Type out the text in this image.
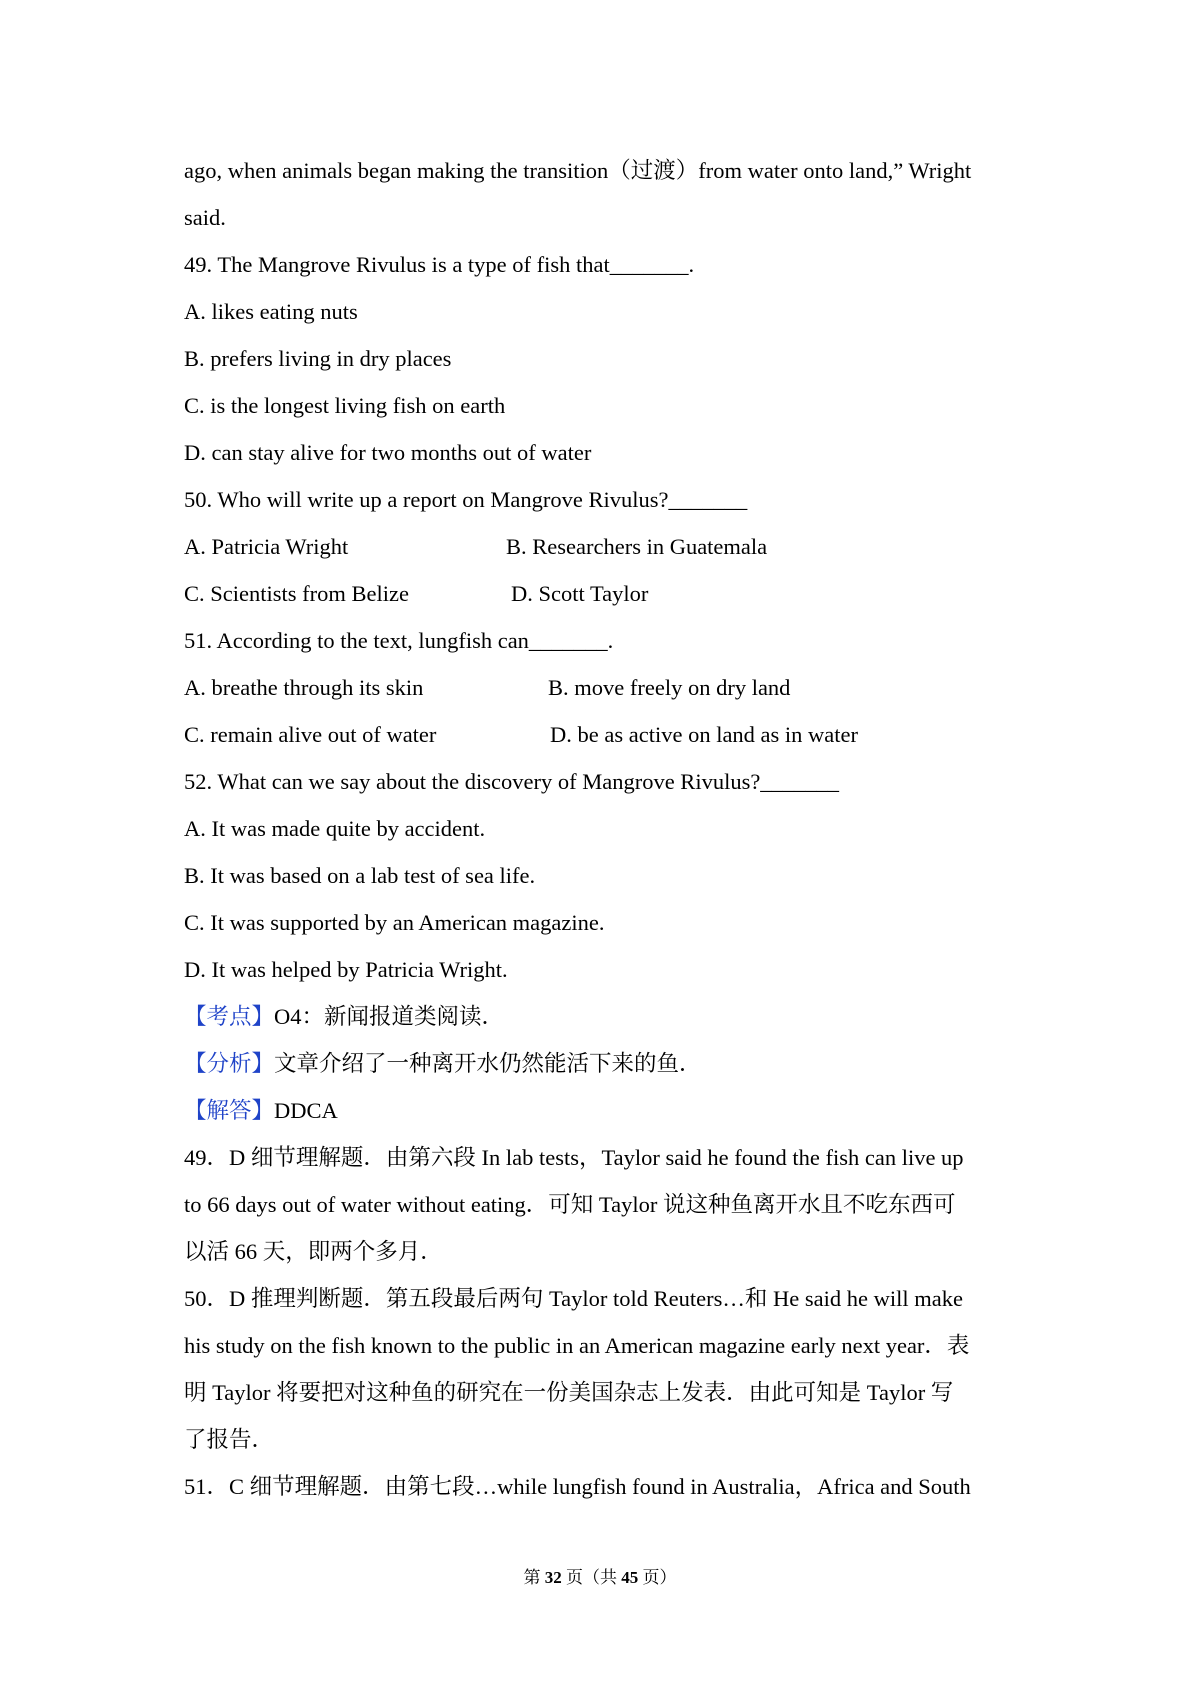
ago, when animals began making the transition（过渡）from water onto land,” Wright
said.
49. The Mangrove Rivulus is a type of fish that_______.
A. likes eating nuts
B. prefers living in dry places
C. is the longest living fish on earth
D. can stay alive for two months out of water
50. Who will write up a report on Mangrove Rivulus?_______
A. Patricia Wright	B. Researchers in Guatemala
C. Scientists from Belize	D. Scott Taylor
51. According to the text, lungfish can_______.
A. breathe through its skin	B. move freely on dry land
C. remain alive out of water	D. be as active on land as in water
52. What can we say about the discovery of Mangrove Rivulus?_______
A. It was made quite by accident.
B. It was based on a lab test of sea life.
C. It was supported by an American magazine.
D. It was helped by Patricia Wright.
【考点】O4：新闻报道类阅读．
【分析】文章介绍了一种离开水仍然能活下来的鱼．
【解答】DDCA
49．D 细节理解题．由第六段 In lab tests，Taylor said he found the fish can live up
to 66 days out of water without eating．可知 Taylor 说这种鱼离开水且不吃东西可
以活 66 天，即两个多月．
50．D 推理判断题．第五段最后两句 Taylor told Reuters…和 He said he will make
his study on the fish known to the public in an American magazine early next year．表
明 Taylor 将要把对这种鱼的研究在一份美国杂志上发表．由此可知是 Taylor 写
了报告．
51．C 细节理解题．由第七段…while lungfish found in Australia，Africa and South
第 32 页（共 45 页）
